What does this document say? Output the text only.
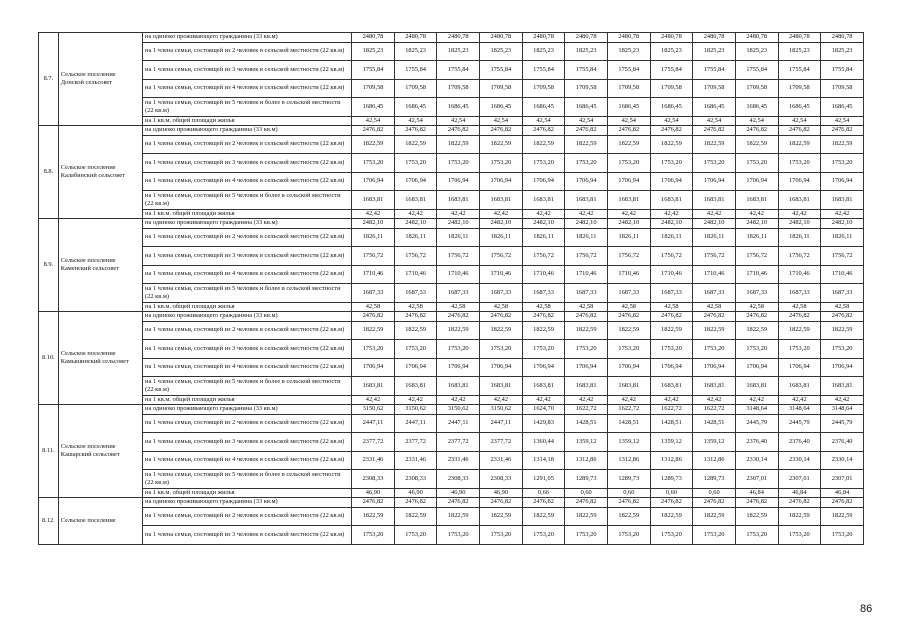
8.7.	Сельское поселение Донской сельсовет	на одиноко проживающего гражданина (33 кв.м)	2480,78	2480,78	2480,78	2480,78	2480,78	2480,78	2480,78	2480,78	2480,78	2480,78	2480,78	2480,78
		на 1 члена семьи, состоящей из 2 человек в сельской местности (22 кв.м)	1825,23	1825,23	1825,23	1825,23	1825,23	1825,23	1825,23	1825,23	1825,23	1825,23	1825,23	1825,23
		на 1 члена семьи, состоящей из 3 человек в сельской местности (22 кв.м)	1755,84	1755,84	1755,84	1755,84	1755,84	1755,84	1755,84	1755,84	1755,84	1755,84	1755,84	1755,84
		на 1 члена семьи, состоящей из 4 человек в сельской местности (22 кв.м)	1709,58	1709,58	1709,58	1709,58	1709,58	1709,58	1709,58	1709,58	1709,58	1709,58	1709,58	1709,58
		на 1 члена семьи, состоящей из 5 человек и более в сельской местности (22 кв.м)	1686,45	1686,45	1686,45	1686,45	1686,45	1686,45	1686,45	1686,45	1686,45	1686,45	1686,45	1686,45
		на 1 кв.м. общей площади жилья	42,54	42,54	42,54	42,54	42,54	42,54	42,54	42,54	42,54	42,54	42,54	42,54
8.8.	Сельское поселение Калабинский сельсовет	на одиноко проживающего гражданина (33 кв.м)	2476,82	2476,82	2476,82	2476,82	2476,82	2476,82	2476,82	2476,82	2476,82	2476,82	2476,82	2476,82
		на 1 члена семьи, состоящей из 2 человек в сельской местности (22 кв.м)	1822,59	1822,59	1822,59	1822,59	1822,59	1822,59	1822,59	1822,59	1822,59	1822,59	1822,59	1822,59
		на 1 члена семьи, состоящей из 3 человек в сельской местности (22 кв.м)	1753,20	1753,20	1753,20	1753,20	1753,20	1753,20	1753,20	1753,20	1753,20	1753,20	1753,20	1753,20
		на 1 члена семьи, состоящей из 4 человек в сельской местности (22 кв.м)	1706,94	1706,94	1706,94	1706,94	1706,94	1706,94	1706,94	1706,94	1706,94	1706,94	1706,94	1706,94
		на 1 члена семьи, состоящей из 5 человек и более в сельской местности (22 кв.м)	1683,81	1683,81	1683,81	1683,81	1683,81	1683,81	1683,81	1683,81	1683,81	1683,81	1683,81	1683,81
		на 1 кв.м. общей площади жилья	42,42	42,42	42,42	42,42	42,42	42,42	42,42	42,42	42,42	42,42	42,42	42,42
8.9.	Сельское поселение Каменский сельсовет	на одиноко проживающего гражданина (33 кв.м)	2482,10	2482,10	2482,10	2482,10	2482,10	2482,10	2482,10	2482,10	2482,10	2482,10	2482,10	2482,10
		на 1 члена семьи, состоящей из 2 человек в сельской местности (22 кв.м)	1826,11	1826,11	1826,11	1826,11	1826,11	1826,11	1826,11	1826,11	1826,11	1826,11	1826,11	1826,11
		на 1 члена семьи, состоящей из 3 человек в сельской местности (22 кв.м)	1756,72	1756,72	1756,72	1756,72	1756,72	1756,72	1756,72	1756,72	1756,72	1756,72	1756,72	1756,72
		на 1 члена семьи, состоящей из 4 человек в сельской местности (22 кв.м)	1710,46	1710,46	1710,46	1710,46	1710,46	1710,46	1710,46	1710,46	1710,46	1710,46	1710,46	1710,46
		на 1 члена семьи, состоящей из 5 человек и более в сельской местности (22 кв.м)	1687,33	1687,33	1687,33	1687,33	1687,33	1687,33	1687,33	1687,33	1687,33	1687,33	1687,33	1687,33
		на 1 кв.м. общей площади жилья	42,58	42,58	42,58	42,58	42,58	42,58	42,58	42,58	42,58	42,58	42,58	42,58
8.10.	Сельское поселение Камышинский сельсовет	на одиноко проживающего гражданина (33 кв.м)	2476,82	2476,82	2476,82	2476,82	2476,82	2476,82	2476,82	2476,82	2476,82	2476,82	2476,82	2476,82
		на 1 члена семьи, состоящей из 2 человек в сельской местности (22 кв.м)	1822,59	1822,59	1822,59	1822,59	1822,59	1822,59	1822,59	1822,59	1822,59	1822,59	1822,59	1822,59
		на 1 члена семьи, состоящей из 3 человек в сельской местности (22 кв.м)	1753,20	1753,20	1753,20	1753,20	1753,20	1753,20	1753,20	1753,20	1753,20	1753,20	1753,20	1753,20
		на 1 члена семьи, состоящей из 4 человек в сельской местности (22 кв.м)	1706,94	1706,94	1706,94	1706,94	1706,94	1706,94	1706,94	1706,94	1706,94	1706,94	1706,94	1706,94
		на 1 члена семьи, состоящей из 5 человек и более в сельской местности (22 кв.м)	1683,81	1683,81	1683,81	1683,81	1683,81	1683,81	1683,81	1683,81	1683,81	1683,81	1683,81	1683,81
		на 1 кв.м. общей площади жилья	42,42	42,42	42,42	42,42	42,42	42,42	42,42	42,42	42,42	42,42	42,42	42,42
8.11.	Сельское поселение Кашарский сельсовет	на одиноко проживающего гражданина (33 кв.м)	3150,62	3150,62	3150,62	3150,62	1624,70	1622,72	1622,72	1622,72	1622,72	3148,64	3148,64	3148,64
		на 1 члена семьи, состоящей из 2 человек в сельской местности (22 кв.м)	2447,11	2447,11	2447,11	2447,11	1429,83	1428,51	1428,51	1428,51	1428,51	2445,79	2445,79	2445,79
		на 1 члена семьи, состоящей из 3 человек в сельской местности (22 кв.м)	2377,72	2377,72	2377,72	2377,72	1360,44	1359,12	1359,12	1359,12	1359,12	2376,40	2376,40	2376,40
		на 1 члена семьи, состоящей из 4 человек в сельской местности (22 кв.м)	2331,46	2331,46	2331,46	2331,46	1314,18	1312,86	1312,86	1312,86	1312,86	2330,14	2330,14	2330,14
		на 1 члена семьи, состоящей из 5 человек и более в сельской местности (22 кв.м)	2308,33	2308,33	2308,33	2308,33	1291,05	1289,73	1289,73	1289,73	1289,73	2307,01	2307,01	2307,01
		на 1 кв.м. общей площади жилья	46,90	46,90	46,90	46,90	0,66	0,60	0,60	0,60	0,60	46,84	46,84	46,84
8.12.	Сельское поселение	на одиноко проживающего гражданина (33 кв.м)	2476,82	2476,82	2476,82	2476,82	2476,82	2476,82	2476,82	2476,82	2476,82	2476,82	2476,82	2476,82
		на 1 члена семьи, состоящей из 2 человек в сельской местности (22 кв.м)	1822,59	1822,59	1822,59	1822,59	1822,59	1822,59	1822,59	1822,59	1822,59	1822,59	1822,59	1822,59
		на 1 члена семьи, состоящей из 3 человек в сельской местности (22 кв.м)	1753,20	1753,20	1753,20	1753,20	1753,20	1753,20	1753,20	1753,20	1753,20	1753,20	1753,20	1753,20
86
